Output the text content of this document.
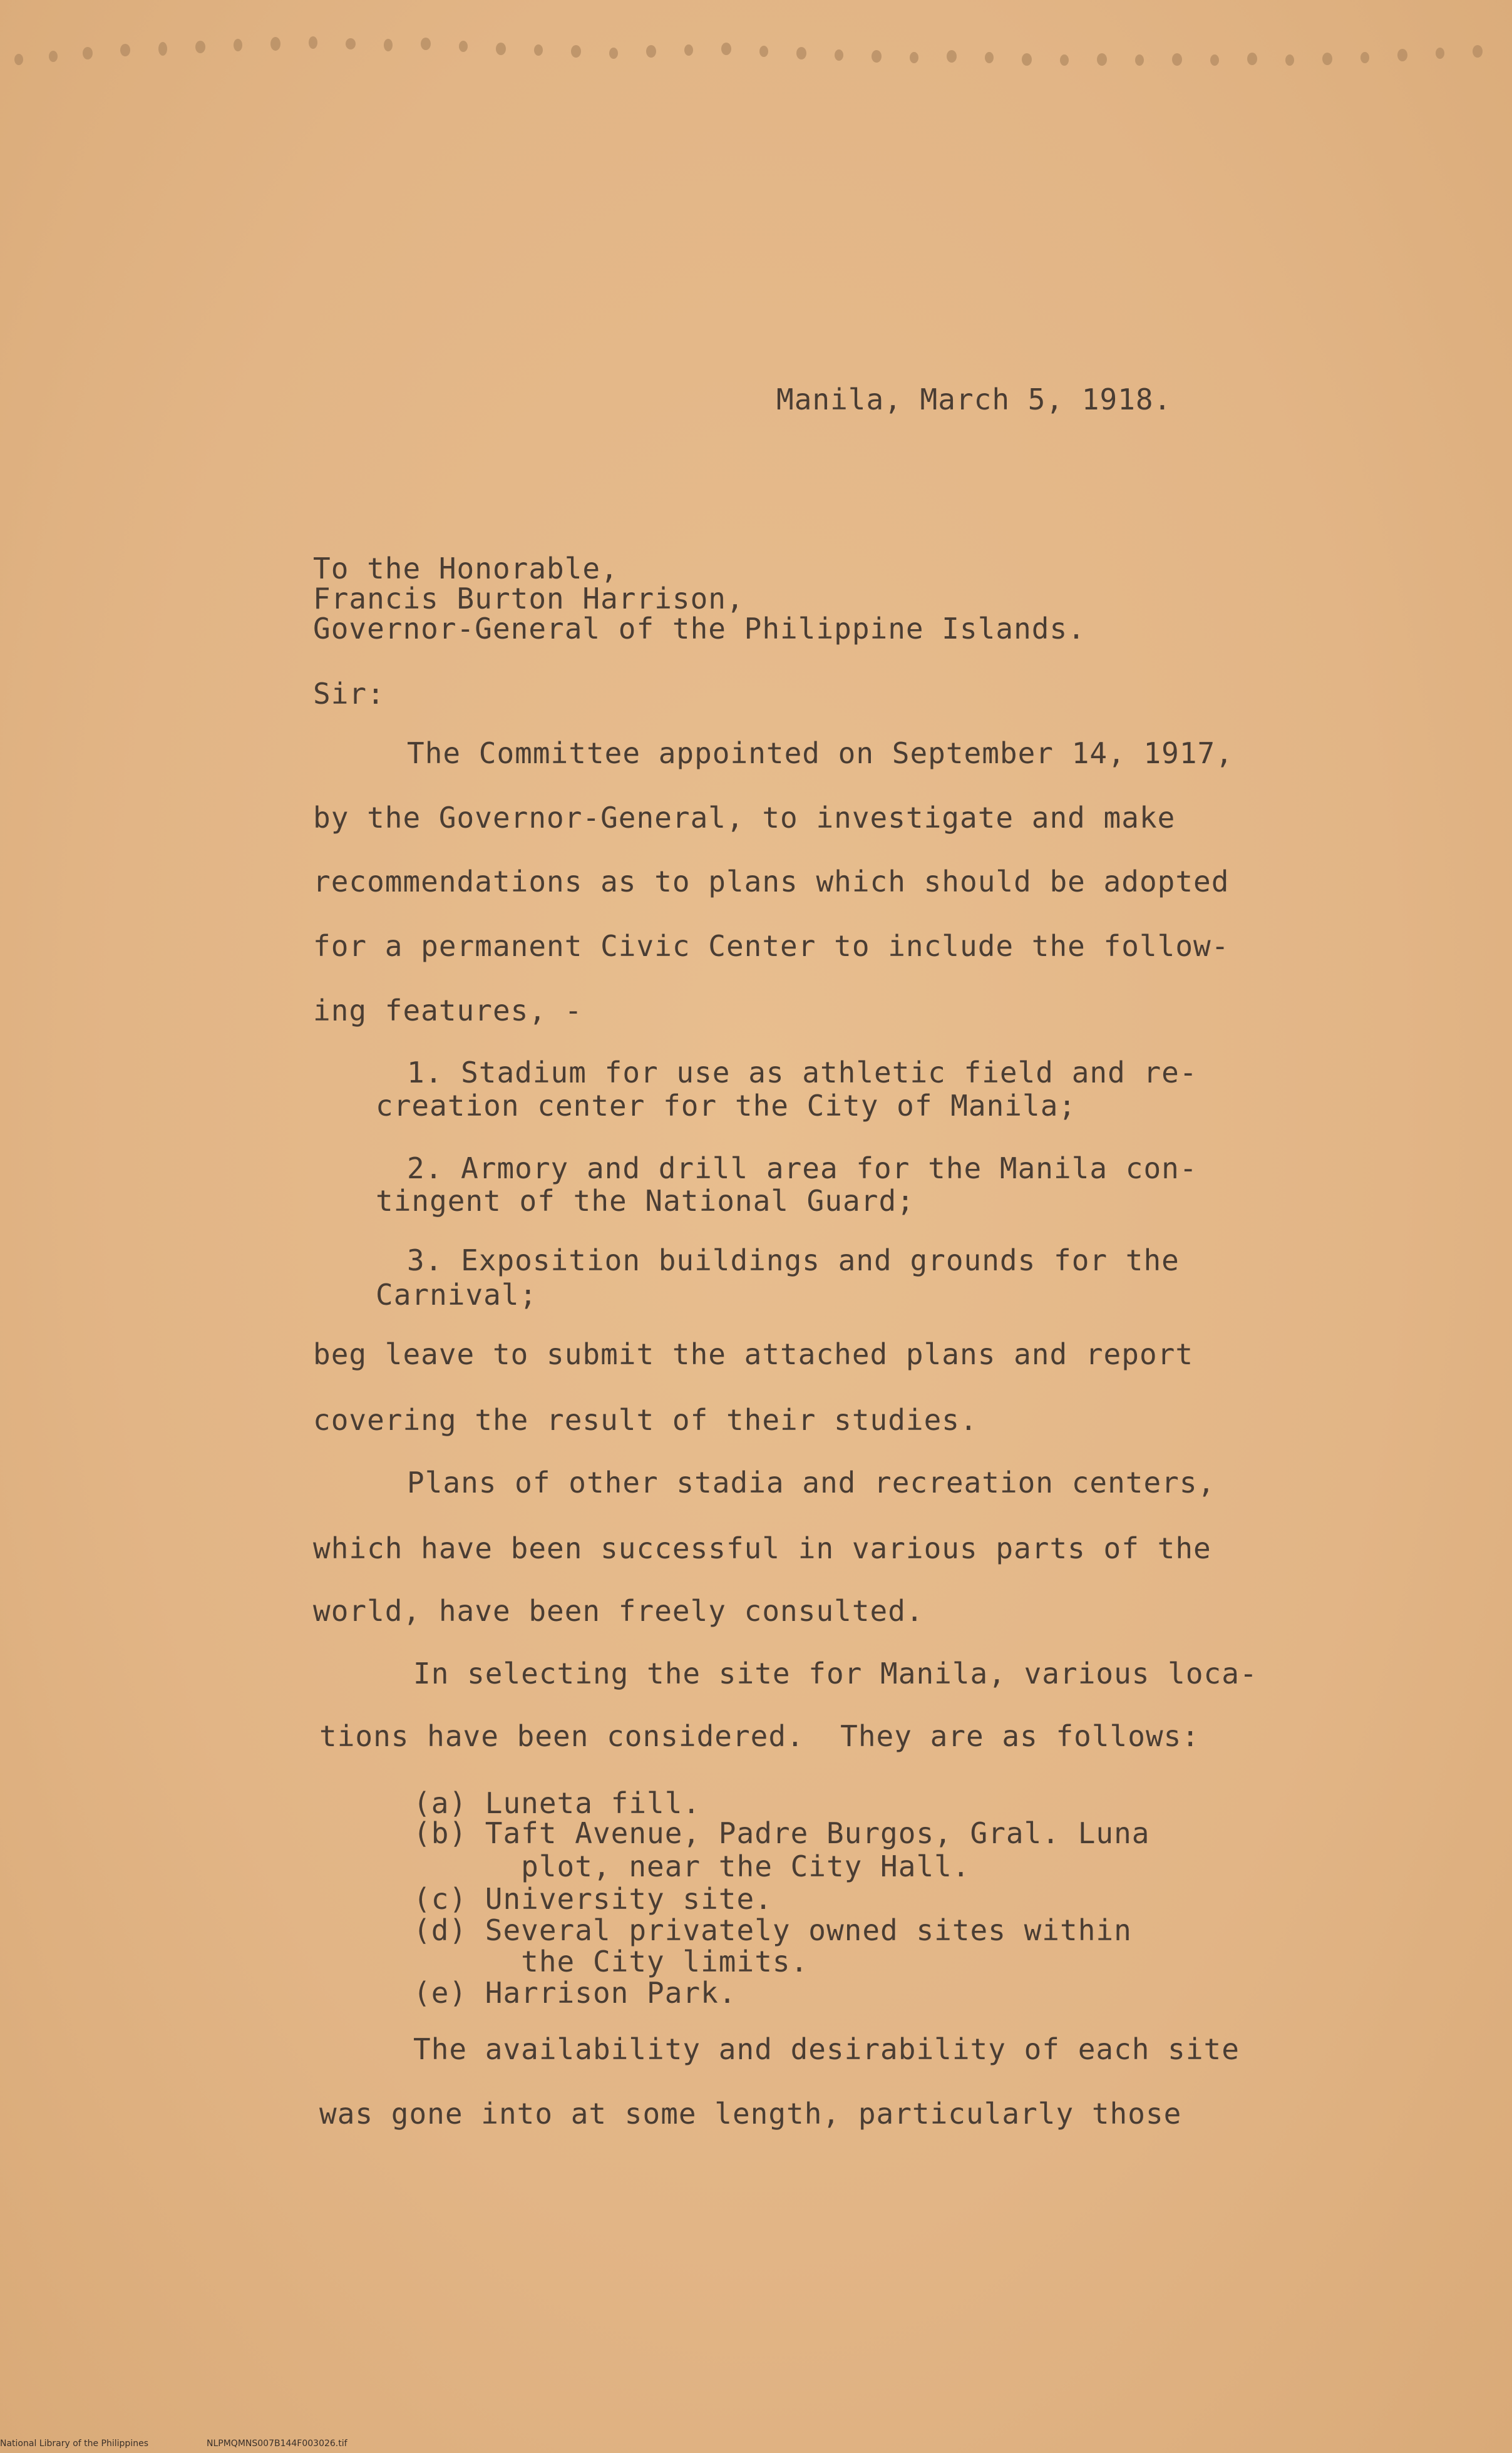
Manila, March 5, 1918.
To the Honorable,
Francis Burton Harrison,
Governor-General of the Philippine Islands.
Sir:
The Committee appointed on September 14, 1917,
by the Governor-General, to investigate and make
recommendations as to plans which should be adopted
for a permanent Civic Center to include the follow-
ing features, -
1. Stadium for use as athletic field and re-
creation center for the City of Manila;
2. Armory and drill area for the Manila con-
tingent of the National Guard;
3. Exposition buildings and grounds for the
Carnival;
beg leave to submit the attached plans and report
covering the result of their studies.
Plans of other stadia and recreation centers,
which have been successful in various parts of the
world, have been freely consulted.
In selecting the site for Manila, various loca-
tions have been considered.  They are as follows:
(a) Luneta fill.
(b) Taft Avenue, Padre Burgos, Gral. Luna
plot, near the City Hall.
(c) University site.
(d) Several privately owned sites within
the City limits.
(e) Harrison Park.
The availability and desirability of each site
was gone into at some length, particularly those
National Library of the Philippines	NLPMQMNS007B144F003026.tif
